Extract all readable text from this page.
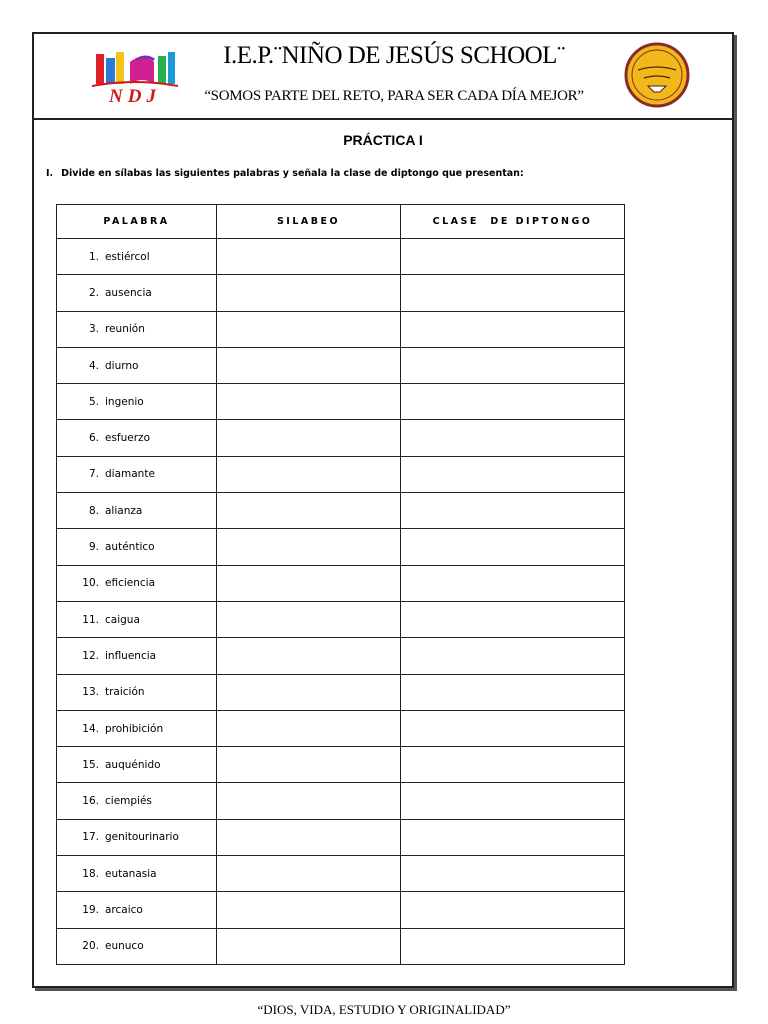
NDJ
I.E.P.¨NIÑO DE JESÚS SCHOOL¨
“SOMOS PARTE DEL RETO, PARA SER CADA DÍA MEJOR”
PRÁCTICA I
I. Divide en sílabas las siguientes palabras y señala la clase de diptongo que presentan:
PALABRA	SILABEO	CLASE  DE DIPTONGO
1. estiércol		
2. ausencia		
3. reunión		
4. diurno		
5. ingenio		
6. esfuerzo		
7. diamante		
8. alianza		
9. auténtico		
10. eficiencia		
11. caigua		
12. influencia		
13. traición		
14. prohibición		
15. auquénido		
16. ciempiés		
17. genitourinario		
18. eutanasia		
19. arcaico		
20. eunuco		
“DIOS, VIDA, ESTUDIO Y ORIGINALIDAD”
